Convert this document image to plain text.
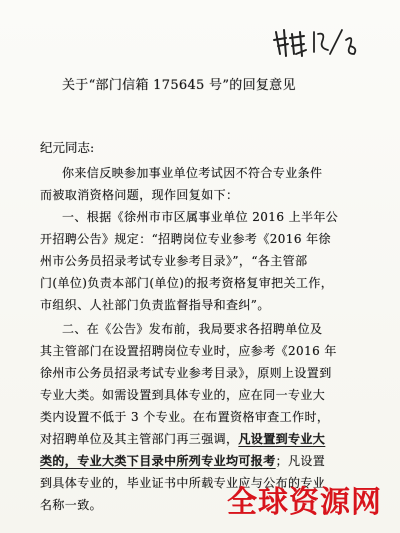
关于“部门信箱 175645 号”的回复意见
纪元同志:
你来信反映参加事业单位考试因不符合专业条件
而被取消资格问题，现作回复如下：
一、根据《徐州市市区属事业单位 2016 上半年公
开招聘公告》规定：“招聘岗位专业参考《2016 年徐
州市公务员招录考试专业参考目录》”，“各主管部
门(单位)负责本部门(单位)的报考资格复审把关工作，
市组织、人社部门负责监督指导和查纠”。
二、在《公告》发布前，我局要求各招聘单位及
其主管部门在设置招聘岗位专业时，应参考《2016 年
徐州市公务员招录考试专业参考目录》，原则上设置到
专业大类。如需设置到具体专业的，应在同一专业大
类内设置不低于 3 个专业。在布置资格审查工作时，
对招聘单位及其主管部门再三强调，凡设置到专业大
类的，专业大类下目录中所列专业均可报考；凡设置
到具体专业的，毕业证书中所载专业应与公布的专业
名称一致。	全球资源网
